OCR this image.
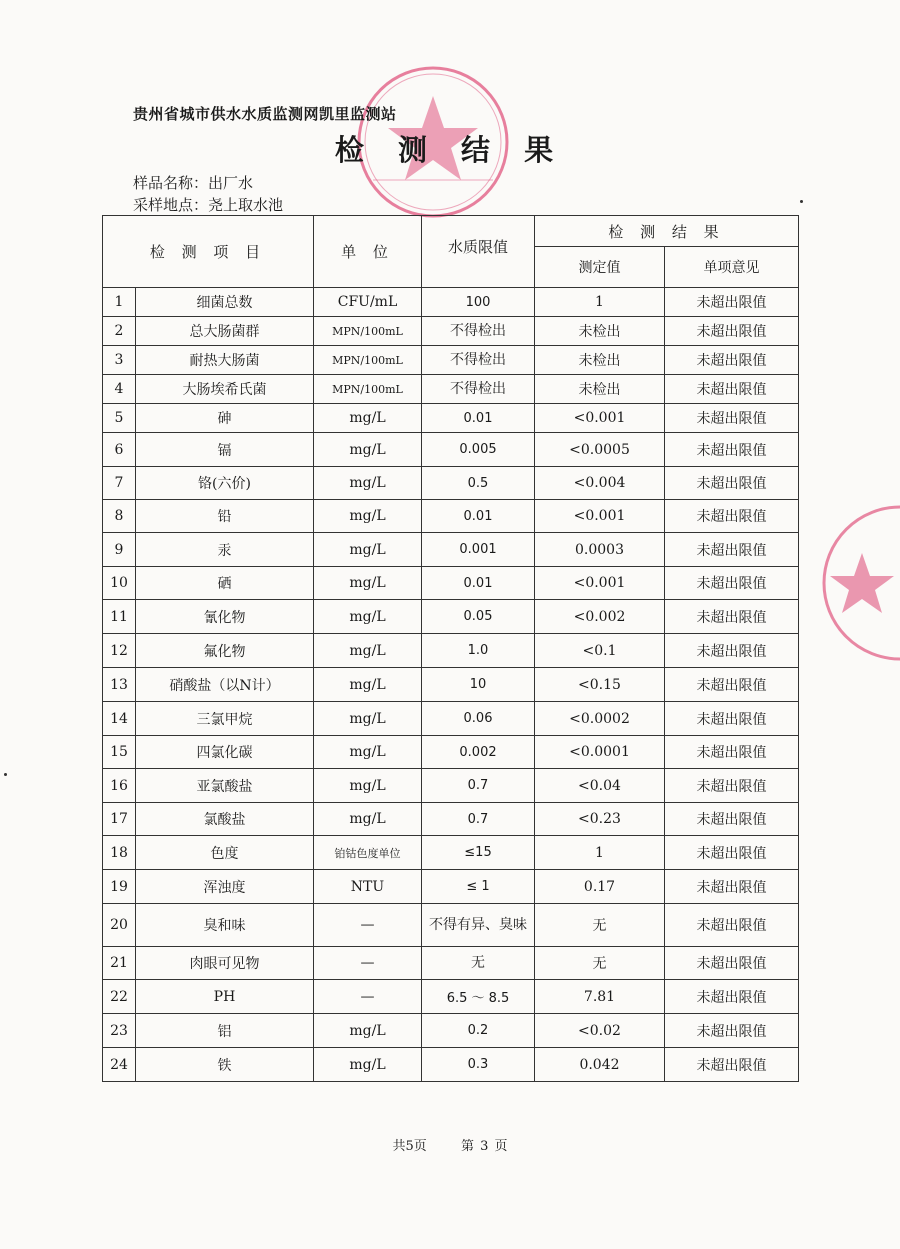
贵州省城市供水水质监测网凯里监测站
检 测 结 果
样品名称：出厂水
采样地点：尧上取水池
检 测 项 目		单 位	水质限值	检 测 结 果	
				测定值	单项意见
1	细菌总数	CFU/mL	100	1	未超出限值
2	总大肠菌群	MPN/100mL	不得检出	未检出	未超出限值
3	耐热大肠菌	MPN/100mL	不得检出	未检出	未超出限值
4	大肠埃希氏菌	MPN/100mL	不得检出	未检出	未超出限值
5	砷	mg/L	0.01	<0.001	未超出限值
6	镉	mg/L	0.005	<0.0005	未超出限值
7	铬(六价)	mg/L	0.5	<0.004	未超出限值
8	铅	mg/L	0.01	<0.001	未超出限值
9	汞	mg/L	0.001	0.0003	未超出限值
10	硒	mg/L	0.01	<0.001	未超出限值
11	氰化物	mg/L	0.05	<0.002	未超出限值
12	氟化物	mg/L	1.0	<0.1	未超出限值
13	硝酸盐（以N计）	mg/L	10	<0.15	未超出限值
14	三氯甲烷	mg/L	0.06	<0.0002	未超出限值
15	四氯化碳	mg/L	0.002	<0.0001	未超出限值
16	亚氯酸盐	mg/L	0.7	<0.04	未超出限值
17	氯酸盐	mg/L	0.7	<0.23	未超出限值
18	色度	铂钴色度单位	≤15	1	未超出限值
19	浑浊度	NTU	≤ 1	0.17	未超出限值
20	臭和味	—	不得有异、臭味	无	未超出限值
21	肉眼可见物	—	无	无	未超出限值
22	PH	—	6.5 ～ 8.5	7.81	未超出限值
23	铝	mg/L	0.2	<0.02	未超出限值
24	铁	mg/L	0.3	0.042	未超出限值
共5页	第 3 页
